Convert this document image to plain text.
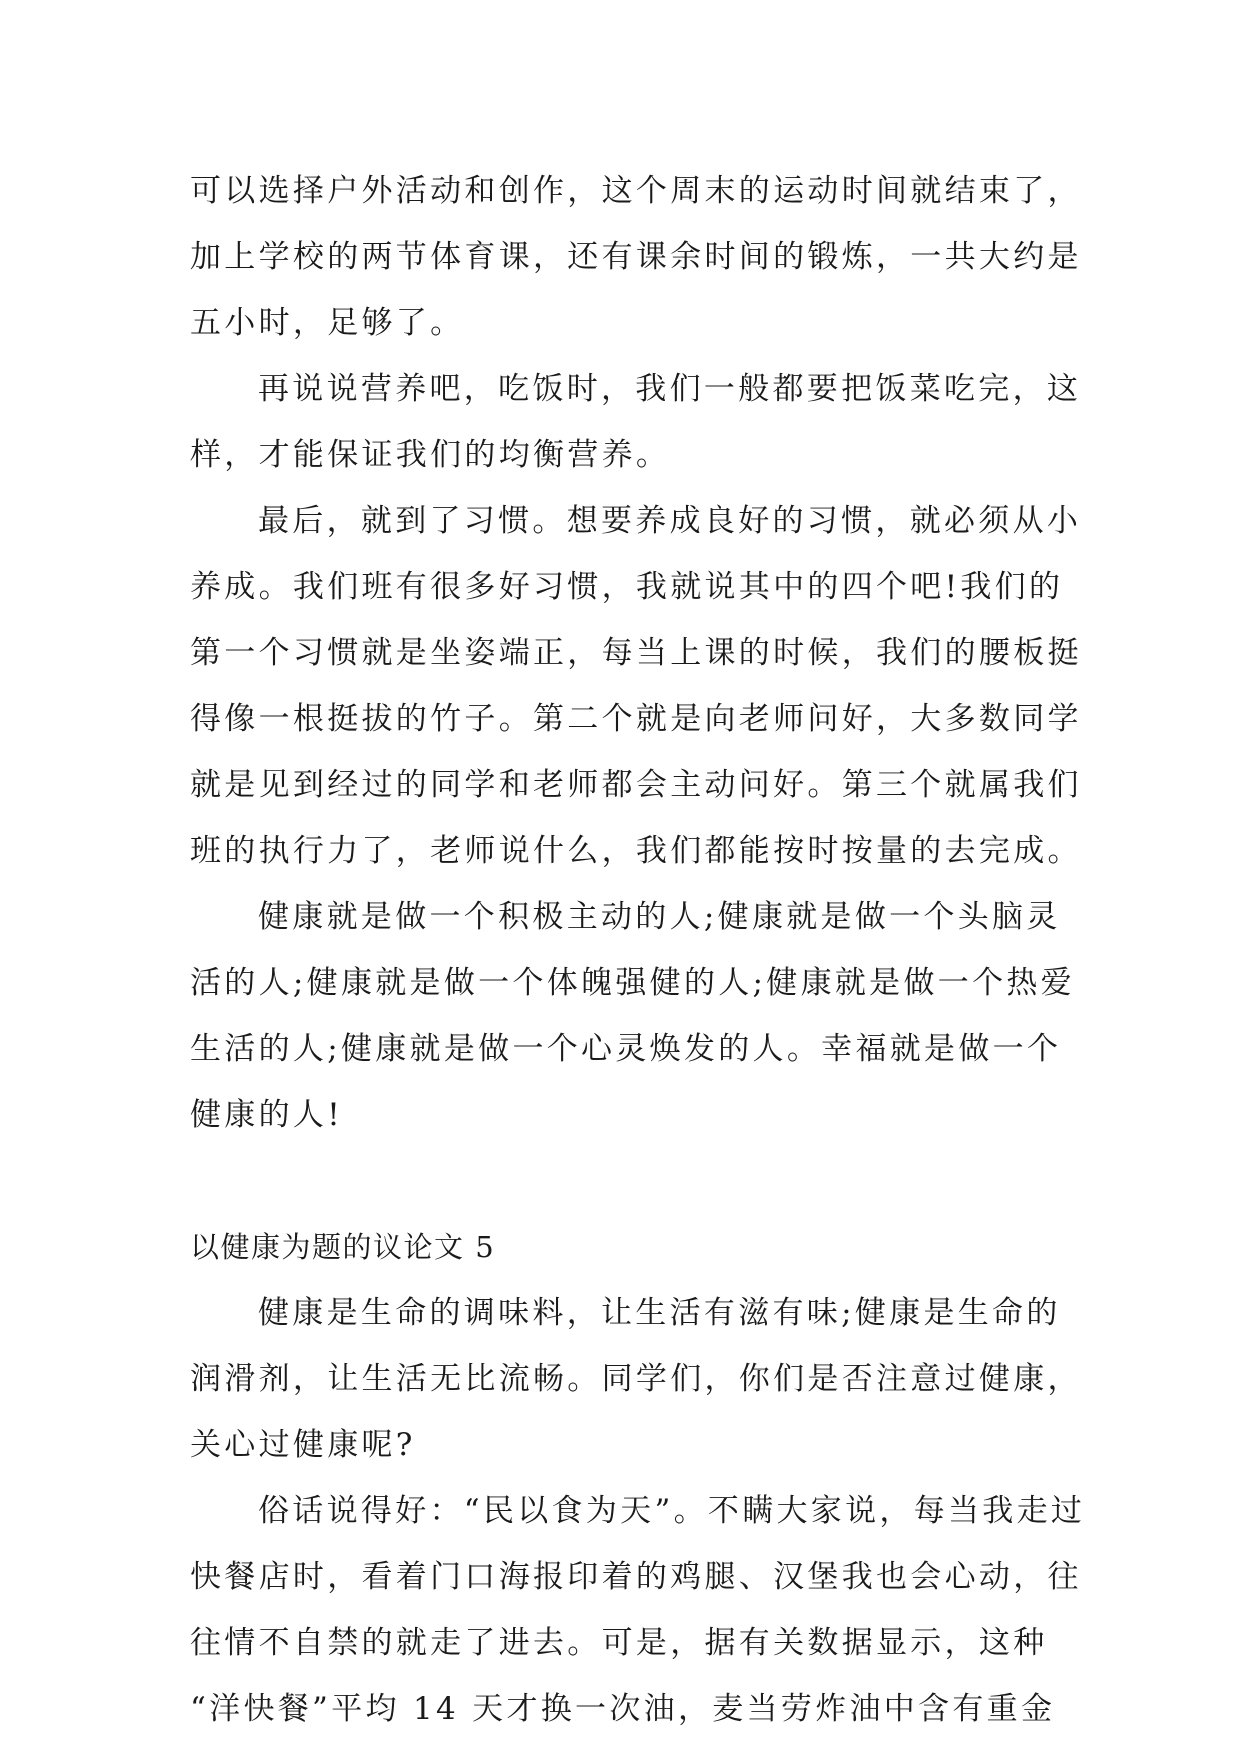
可以选择户外活动和创作，这个周末的运动时间就结束了，
加上学校的两节体育课，还有课余时间的锻炼，一共大约是
五小时，足够了。
再说说营养吧，吃饭时，我们一般都要把饭菜吃完，这
样，才能保证我们的均衡营养。
最后，就到了习惯。想要养成良好的习惯，就必须从小
养成。我们班有很多好习惯，我就说其中的四个吧!我们的
第一个习惯就是坐姿端正，每当上课的时候，我们的腰板挺
得像一根挺拔的竹子。第二个就是向老师问好，大多数同学
就是见到经过的同学和老师都会主动问好。第三个就属我们
班的执行力了，老师说什么，我们都能按时按量的去完成。
健康就是做一个积极主动的人;健康就是做一个头脑灵
活的人;健康就是做一个体魄强健的人;健康就是做一个热爱
生活的人;健康就是做一个心灵焕发的人。幸福就是做一个
健康的人!
以健康为题的议论文 5
健康是生命的调味料，让生活有滋有味;健康是生命的
润滑剂，让生活无比流畅。同学们，你们是否注意过健康，
关心过健康呢?
俗话说得好：“民以食为天”。不瞒大家说，每当我走过
快餐店时，看着门口海报印着的鸡腿、汉堡我也会心动，往
往情不自禁的就走了进去。可是，据有关数据显示，这种
“洋快餐”平均 14 天才换一次油，麦当劳炸油中含有重金
